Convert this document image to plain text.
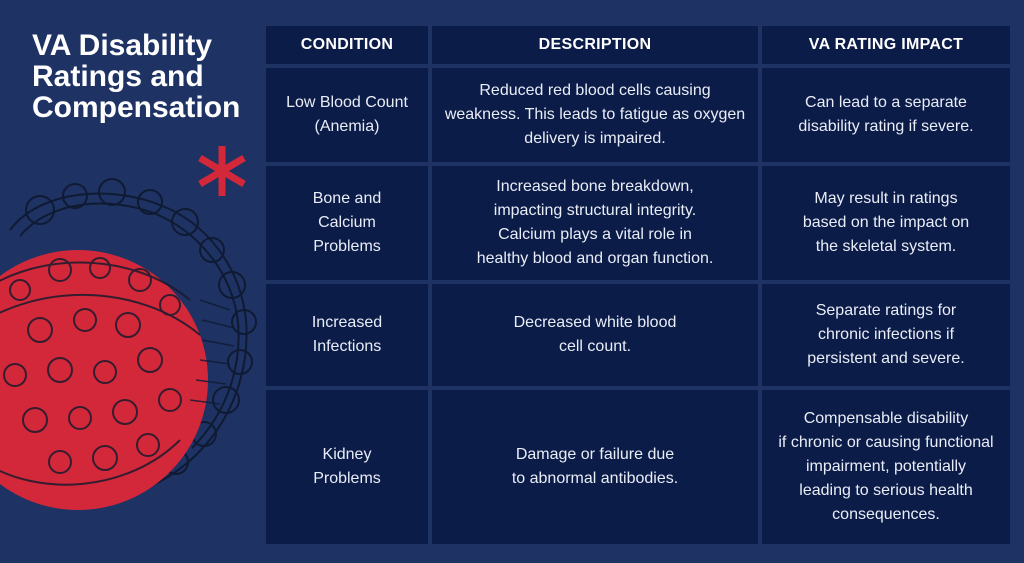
VA Disability
Ratings and
Compensation
CONDITION	DESCRIPTION	VA RATING IMPACT
Low Blood Count
(Anemia)
Reduced red blood cells causing
weakness. This leads to fatigue as oxygen
delivery is impaired.
Can lead to a separate
disability rating if severe.
Bone and
Calcium
Problems
Increased bone breakdown,
impacting structural integrity.
Calcium plays a vital role in
healthy blood and organ function.
May result in ratings
based on the impact on
the skeletal system.
Increased
Infections
Decreased white blood
cell count.
Separate ratings for
chronic infections if
persistent and severe.
Kidney
Problems
Damage or failure due
to abnormal antibodies.
Compensable disability
if chronic or causing functional
impairment, potentially
leading to serious health
consequences.
